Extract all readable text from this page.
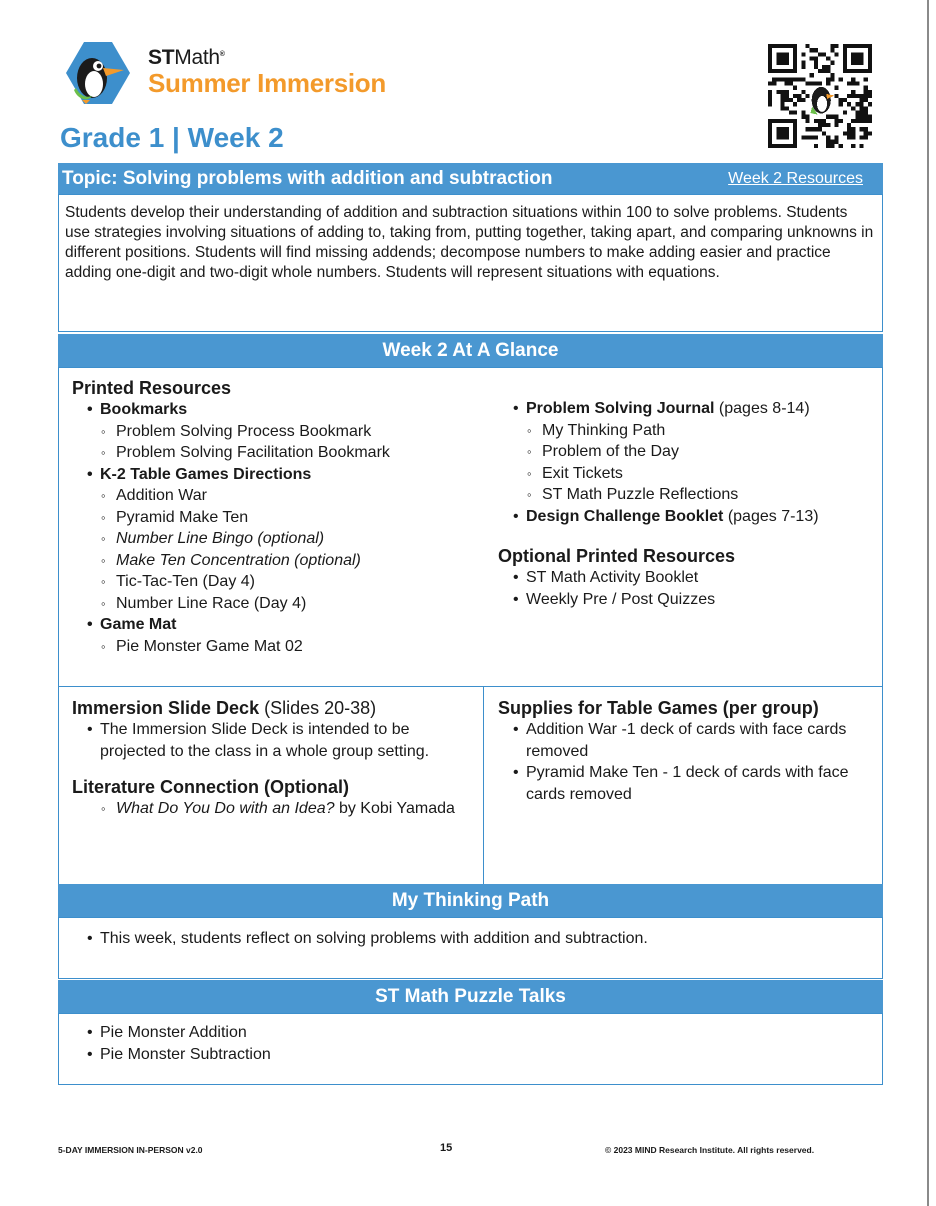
STMath®
Summer Immersion
Grade 1 | Week 2
Topic: Solving problems with addition and subtraction	Week 2 Resources
Students develop their understanding of addition and subtraction situations within 100 to solve problems. Students use strategies involving situations of adding to, taking from, putting together, taking apart, and comparing unknowns in different positions. Students will find missing addends; decompose numbers to make adding easier and practice adding one-digit and two-digit whole numbers. Students will represent situations with equations.
Week 2 At A Glance
Printed Resources
• Bookmarks
◦ Problem Solving Process Bookmark
◦ Problem Solving Facilitation Bookmark
• K-2 Table Games Directions
◦ Addition War
◦ Pyramid Make Ten
◦ Number Line Bingo (optional)
◦ Make Ten Concentration (optional)
◦ Tic-Tac-Ten (Day 4)
◦ Number Line Race (Day 4)
• Game Mat
◦ Pie Monster Game Mat 02
• Problem Solving Journal (pages 8-14)
◦ My Thinking Path
◦ Problem of the Day
◦ Exit Tickets
◦ ST Math Puzzle Reflections
• Design Challenge Booklet (pages 7-13)
Optional Printed Resources
• ST Math Activity Booklet
• Weekly Pre / Post Quizzes
Immersion Slide Deck (Slides 20-38)
• The Immersion Slide Deck is intended to be projected to the class in a whole group setting.
Literature Connection (Optional)
◦ What Do You Do with an Idea? by Kobi Yamada
Supplies for Table Games (per group)
• Addition War -1 deck of cards with face cards removed
• Pyramid Make Ten - 1 deck of cards with face cards removed
My Thinking Path
• This week, students reflect on solving problems with addition and subtraction.
ST Math Puzzle Talks
• Pie Monster Addition
• Pie Monster Subtraction
5-DAY IMMERSION IN-PERSON v2.0	15	© 2023 MIND Research Institute. All rights reserved.
